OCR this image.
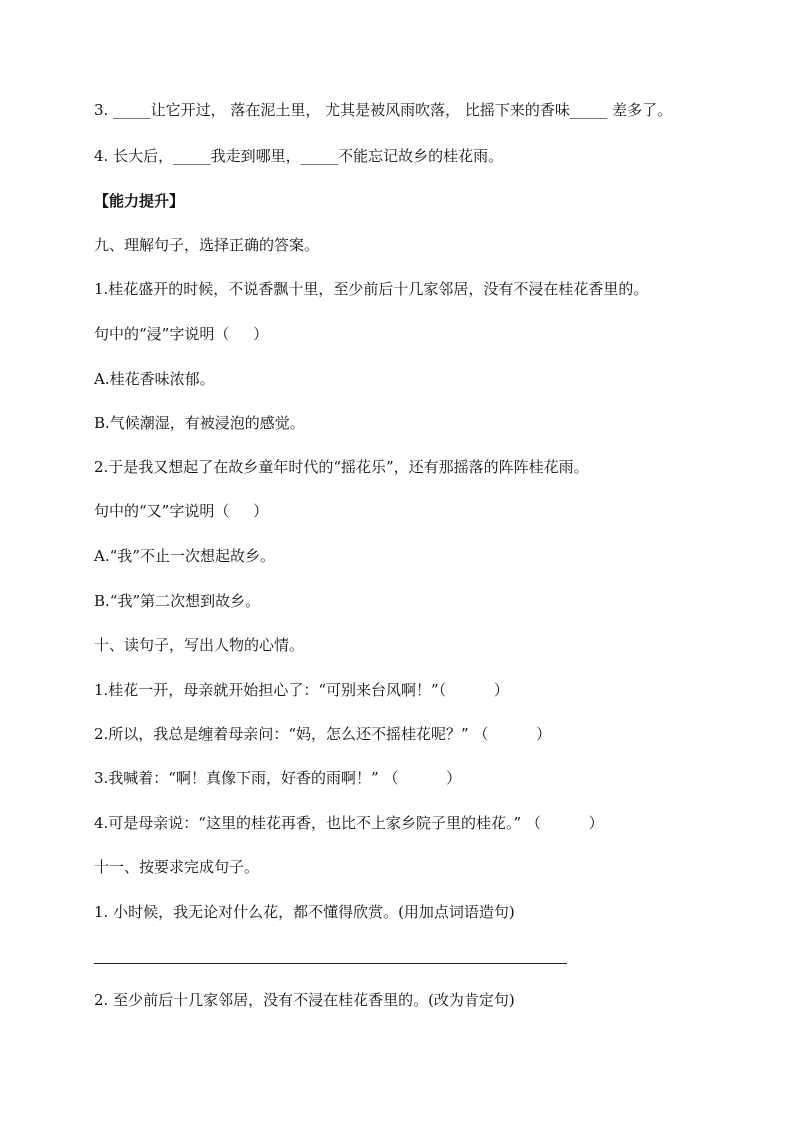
3. _____让它开过， 落在泥土里， 尤其是被风雨吹落， 比摇下来的香味_____ 差多了。
4. 长大后，_____我走到哪里，_____不能忘记故乡的桂花雨。
【能力提升】
九、理解句子，选择正确的答案。
1.桂花盛开的时候，不说香飘十里，至少前后十几家邻居，没有不浸在桂花香里的。
句中的“浸”字说明（     ）
A.桂花香味浓郁。
B.气候潮湿，有被浸泡的感觉。
2.于是我又想起了在故乡童年时代的“摇花乐”，还有那摇落的阵阵桂花雨。
句中的“又”字说明（     ）
A.“我”不止一次想起故乡。
B.“我”第二次想到故乡。
十、读句子，写出人物的心情。
1.桂花一开，母亲就开始担心了：“可别来台风啊！”（          ）
2.所以，我总是缠着母亲问：“妈，怎么还不摇桂花呢？” （          ）
3.我喊着：“啊！真像下雨，好香的雨啊！” （          ）
4.可是母亲说：“这里的桂花再香，也比不上家乡院子里的桂花。” （          ）
十一、按要求完成句子。
1. 小时候，我无论对什么花，都不懂得欣赏。(用加点词语造句)
2. 至少前后十几家邻居，没有不浸在桂花香里的。(改为肯定句)
